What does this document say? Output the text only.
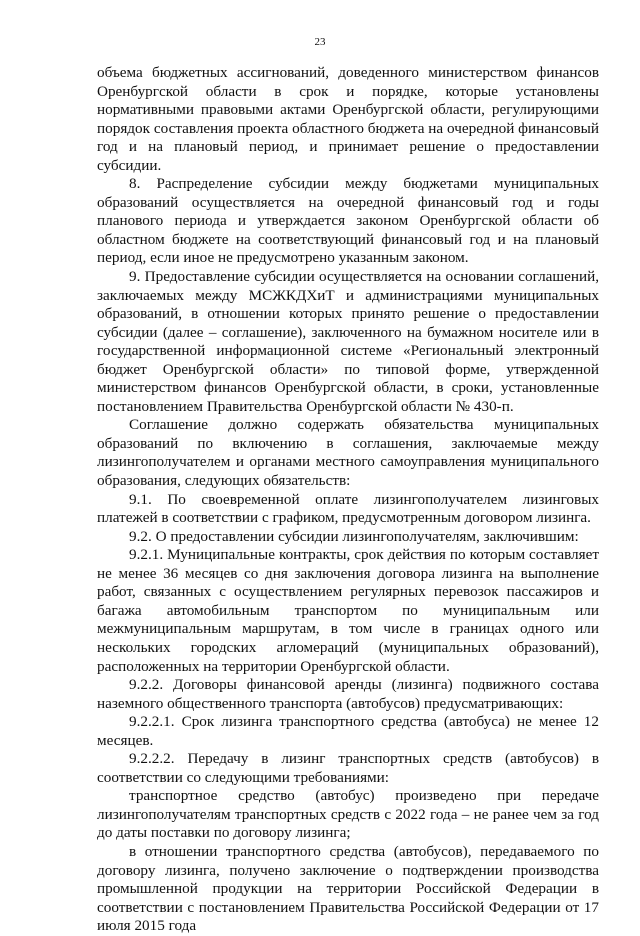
23

объема бюджетных ассигнований, доведенного министерством финансов Оренбургской области в срок и порядке, которые установлены нормативными правовыми актами Оренбургской области, регулирующими порядок составления проекта областного бюджета на очередной финансовый год и на плановый период, и принимает решение о предоставлении субсидии.

8. Распределение субсидии между бюджетами муниципальных образований осуществляется на очередной финансовый год и годы планового периода и утверждается законом Оренбургской области об областном бюджете на соответствующий финансовый год и на плановый период, если иное не предусмотрено указанным законом.

9. Предоставление субсидии осуществляется на основании соглашений, заключаемых между МСЖКДХиТ и администрациями муниципальных образований, в отношении которых принято решение о предоставлении субсидии (далее – соглашение), заключенного на бумажном носителе или в государственной информационной системе «Региональный электронный бюджет Оренбургской области» по типовой форме, утвержденной министерством финансов Оренбургской области, в сроки, установленные постановлением Правительства Оренбургской области № 430-п.

Соглашение должно содержать обязательства муниципальных образований по включению в соглашения, заключаемые между лизингополучателем и органами местного самоуправления муниципального образования, следующих обязательств:

9.1. По своевременной оплате лизингополучателем лизинговых платежей в соответствии с графиком, предусмотренным договором лизинга.

9.2. О предоставлении субсидии лизингополучателям, заключившим:

9.2.1. Муниципальные контракты, срок действия по которым составляет не менее 36 месяцев со дня заключения договора лизинга на выполнение работ, связанных с осуществлением регулярных перевозок пассажиров и багажа автомобильным транспортом по муниципальным или межмуниципальным маршрутам, в том числе в границах одного или нескольких городских агломераций (муниципальных образований), расположенных на территории Оренбургской области.

9.2.2. Договоры финансовой аренды (лизинга) подвижного состава наземного общественного транспорта (автобусов) предусматривающих:

9.2.2.1. Срок лизинга транспортного средства (автобуса) не менее 12 месяцев.

9.2.2.2. Передачу в лизинг транспортных средств (автобусов) в соответствии со следующими требованиями:

транспортное средство (автобус) произведено при передаче лизингополучателям транспортных средств с 2022 года – не ранее чем за год до даты поставки по договору лизинга;

в отношении транспортного средства (автобусов), передаваемого по договору лизинга, получено заключение о подтверждении производства промышленной продукции на территории Российской Федерации в соответствии с постановлением Правительства Российской Федерации от 17 июля 2015 года
